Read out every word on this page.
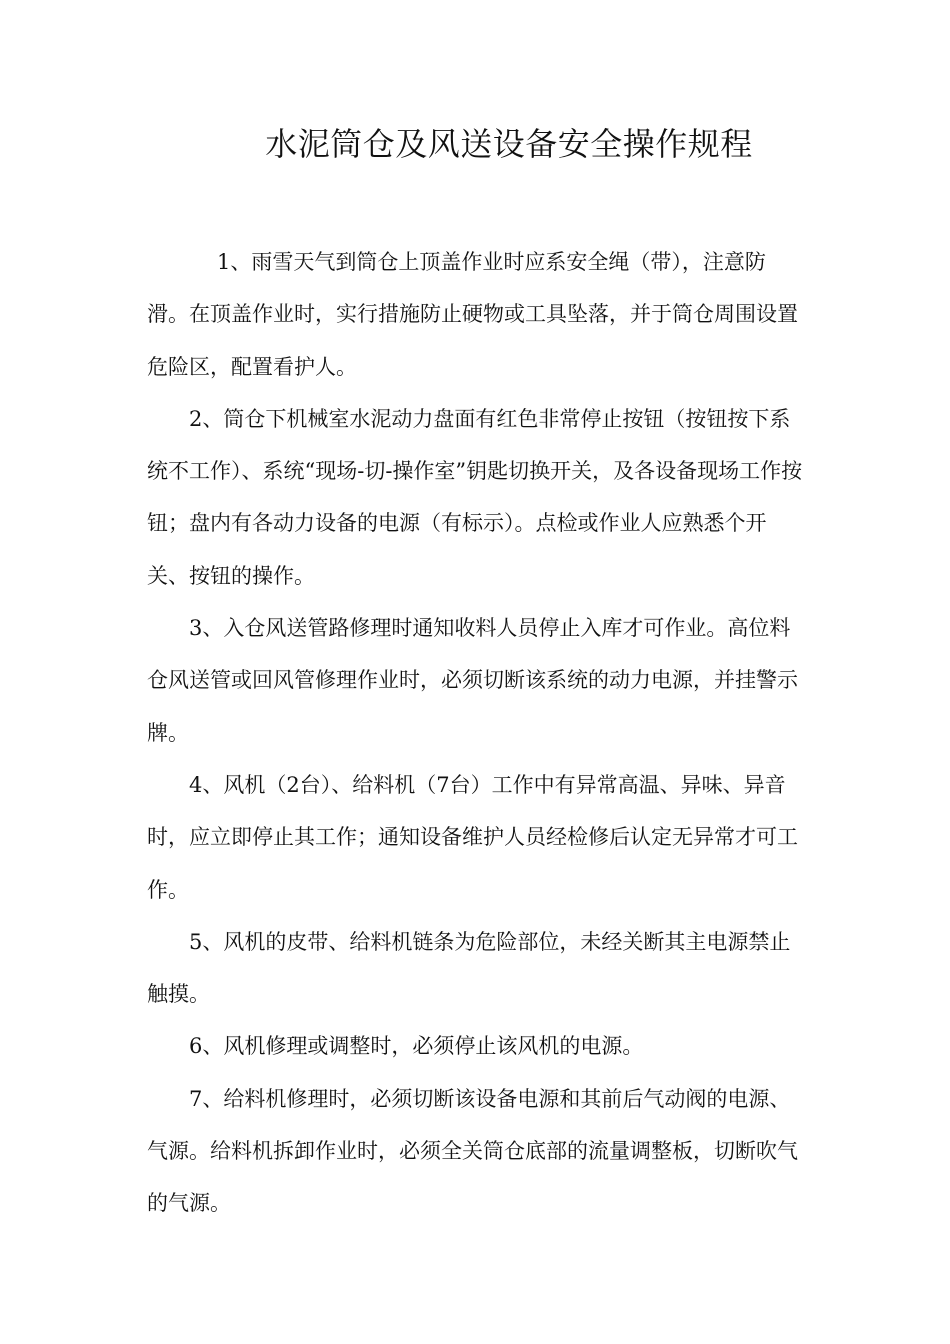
水泥筒仓及风送设备安全操作规程

1、雨雪天气到筒仓上顶盖作业时应系安全绳（带），注意防滑。在顶盖作业时，实行措施防止硬物或工具坠落，并于筒仓周围设置危险区，配置看护人。

2、筒仓下机械室水泥动力盘面有红色非常停止按钮（按钮按下系统不工作）、系统“现场-切-操作室”钥匙切换开关，及各设备现场工作按钮；盘内有各动力设备的电源（有标示）。点检或作业人应熟悉个开关、按钮的操作。

3、入仓风送管路修理时通知收料人员停止入库才可作业。高位料仓风送管或回风管修理作业时，必须切断该系统的动力电源，并挂警示牌。

4、风机（2台）、给料机（7台）工作中有异常高温、异味、异音时，应立即停止其工作；通知设备维护人员经检修后认定无异常才可工作。

5、风机的皮带、给料机链条为危险部位，未经关断其主电源禁止触摸。

6、风机修理或调整时，必须停止该风机的电源。

7、给料机修理时，必须切断该设备电源和其前后气动阀的电源、气源。给料机拆卸作业时，必须全关筒仓底部的流量调整板，切断吹气的气源。
